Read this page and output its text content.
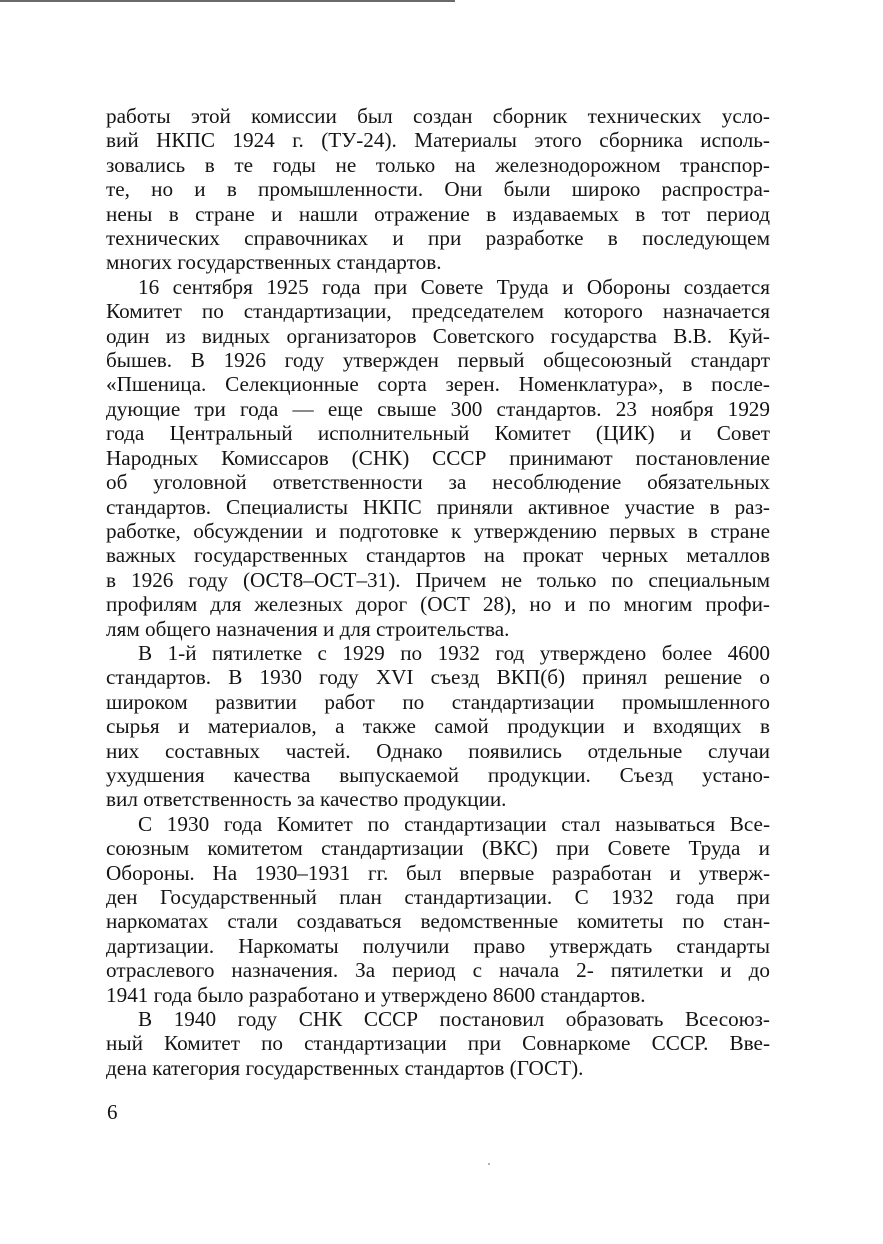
работы этой комиссии был создан сборник технических усло-
вий НКПС 1924 г. (ТУ-24). Материалы этого сборника исполь-
зовались в те годы не только на железнодорожном транспор-
те, но и в промышленности. Они были широко распростра-
нены в стране и нашли отражение в издаваемых в тот период
технических справочниках и при разработке в последующем
многих государственных стандартов.
16 сентября 1925 года при Совете Труда и Обороны создается
Комитет по стандартизации, председателем которого назначается
один из видных организаторов Советского государства В.В. Куй-
бышев. В 1926 году утвержден первый общесоюзный стандарт
«Пшеница. Селекционные сорта зерен. Номенклатура», в после-
дующие три года — еще свыше 300 стандартов. 23 ноября 1929
года Центральный исполнительный Комитет (ЦИК) и Совет
Народных Комиссаров (СНК) СССР принимают постановление
об уголовной ответственности за несоблюдение обязательных
стандартов. Специалисты НКПС приняли активное участие в раз-
работке, обсуждении и подготовке к утверждению первых в стране
важных государственных стандартов на прокат черных металлов
в 1926 году (ОСТ8–ОСТ–31). Причем не только по специальным
профилям для железных дорог (ОСТ 28), но и по многим профи-
лям общего назначения и для строительства.
В 1-й пятилетке с 1929 по 1932 год утверждено более 4600
стандартов. В 1930 году XVI съезд ВКП(б) принял решение о
широком развитии работ по стандартизации промышленного
сырья и материалов, а также самой продукции и входящих в
них составных частей. Однако появились отдельные случаи
ухудшения качества выпускаемой продукции. Съезд устано-
вил ответственность за качество продукции.
С 1930 года Комитет по стандартизации стал называться Все-
союзным комитетом стандартизации (ВКС) при Совете Труда и
Обороны. На 1930–1931 гг. был впервые разработан и утверж-
ден Государственный план стандартизации. С 1932 года при
наркоматах стали создаваться ведомственные комитеты по стан-
дартизации. Наркоматы получили право утверждать стандарты
отраслевого назначения. За период с начала 2- пятилетки и до
1941 года было разработано и утверждено 8600 стандартов.
В 1940 году СНК СССР постановил образовать Всесоюз-
ный Комитет по стандартизации при Совнаркоме СССР. Вве-
дена категория государственных стандартов (ГОСТ).
6
